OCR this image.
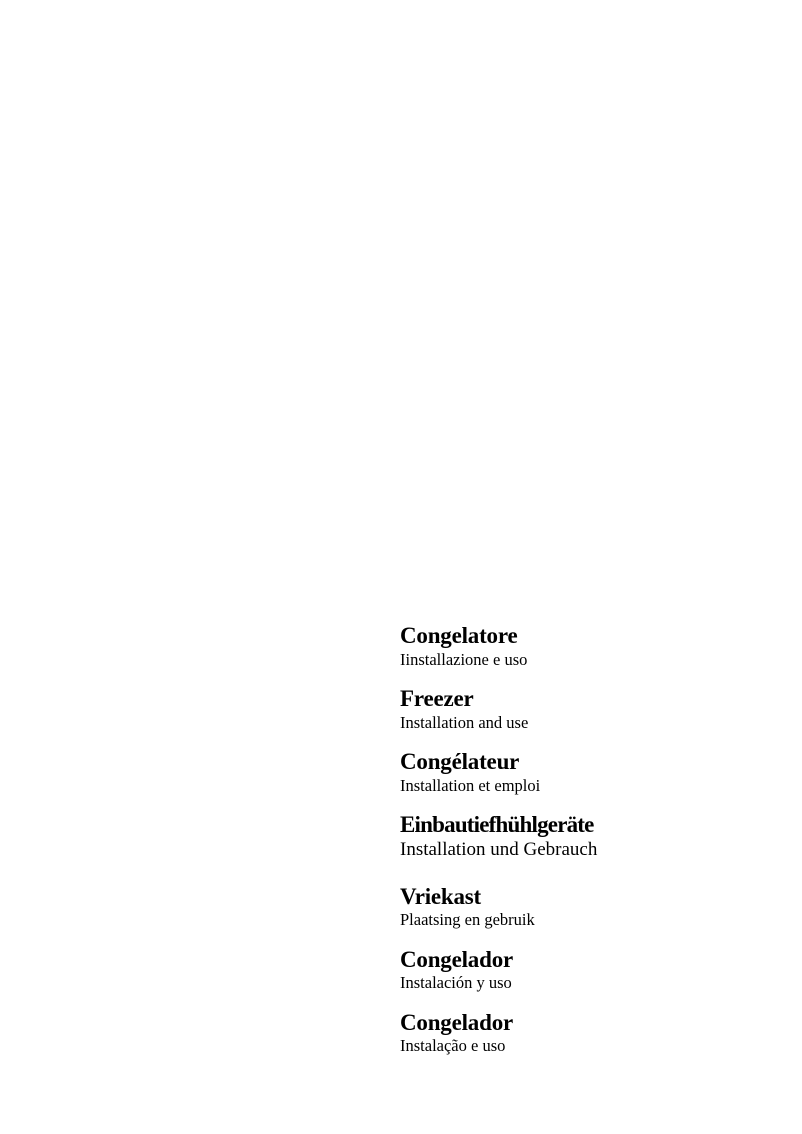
Congelatore
Iinstallazione e uso
Freezer
Installation and use
Congélateur
Installation et emploi
Einbautiefhühlgeräte
Installation und Gebrauch
Vriekast
Plaatsing en gebruik
Congelador
Instalación y uso
Congelador
Instalação e uso
